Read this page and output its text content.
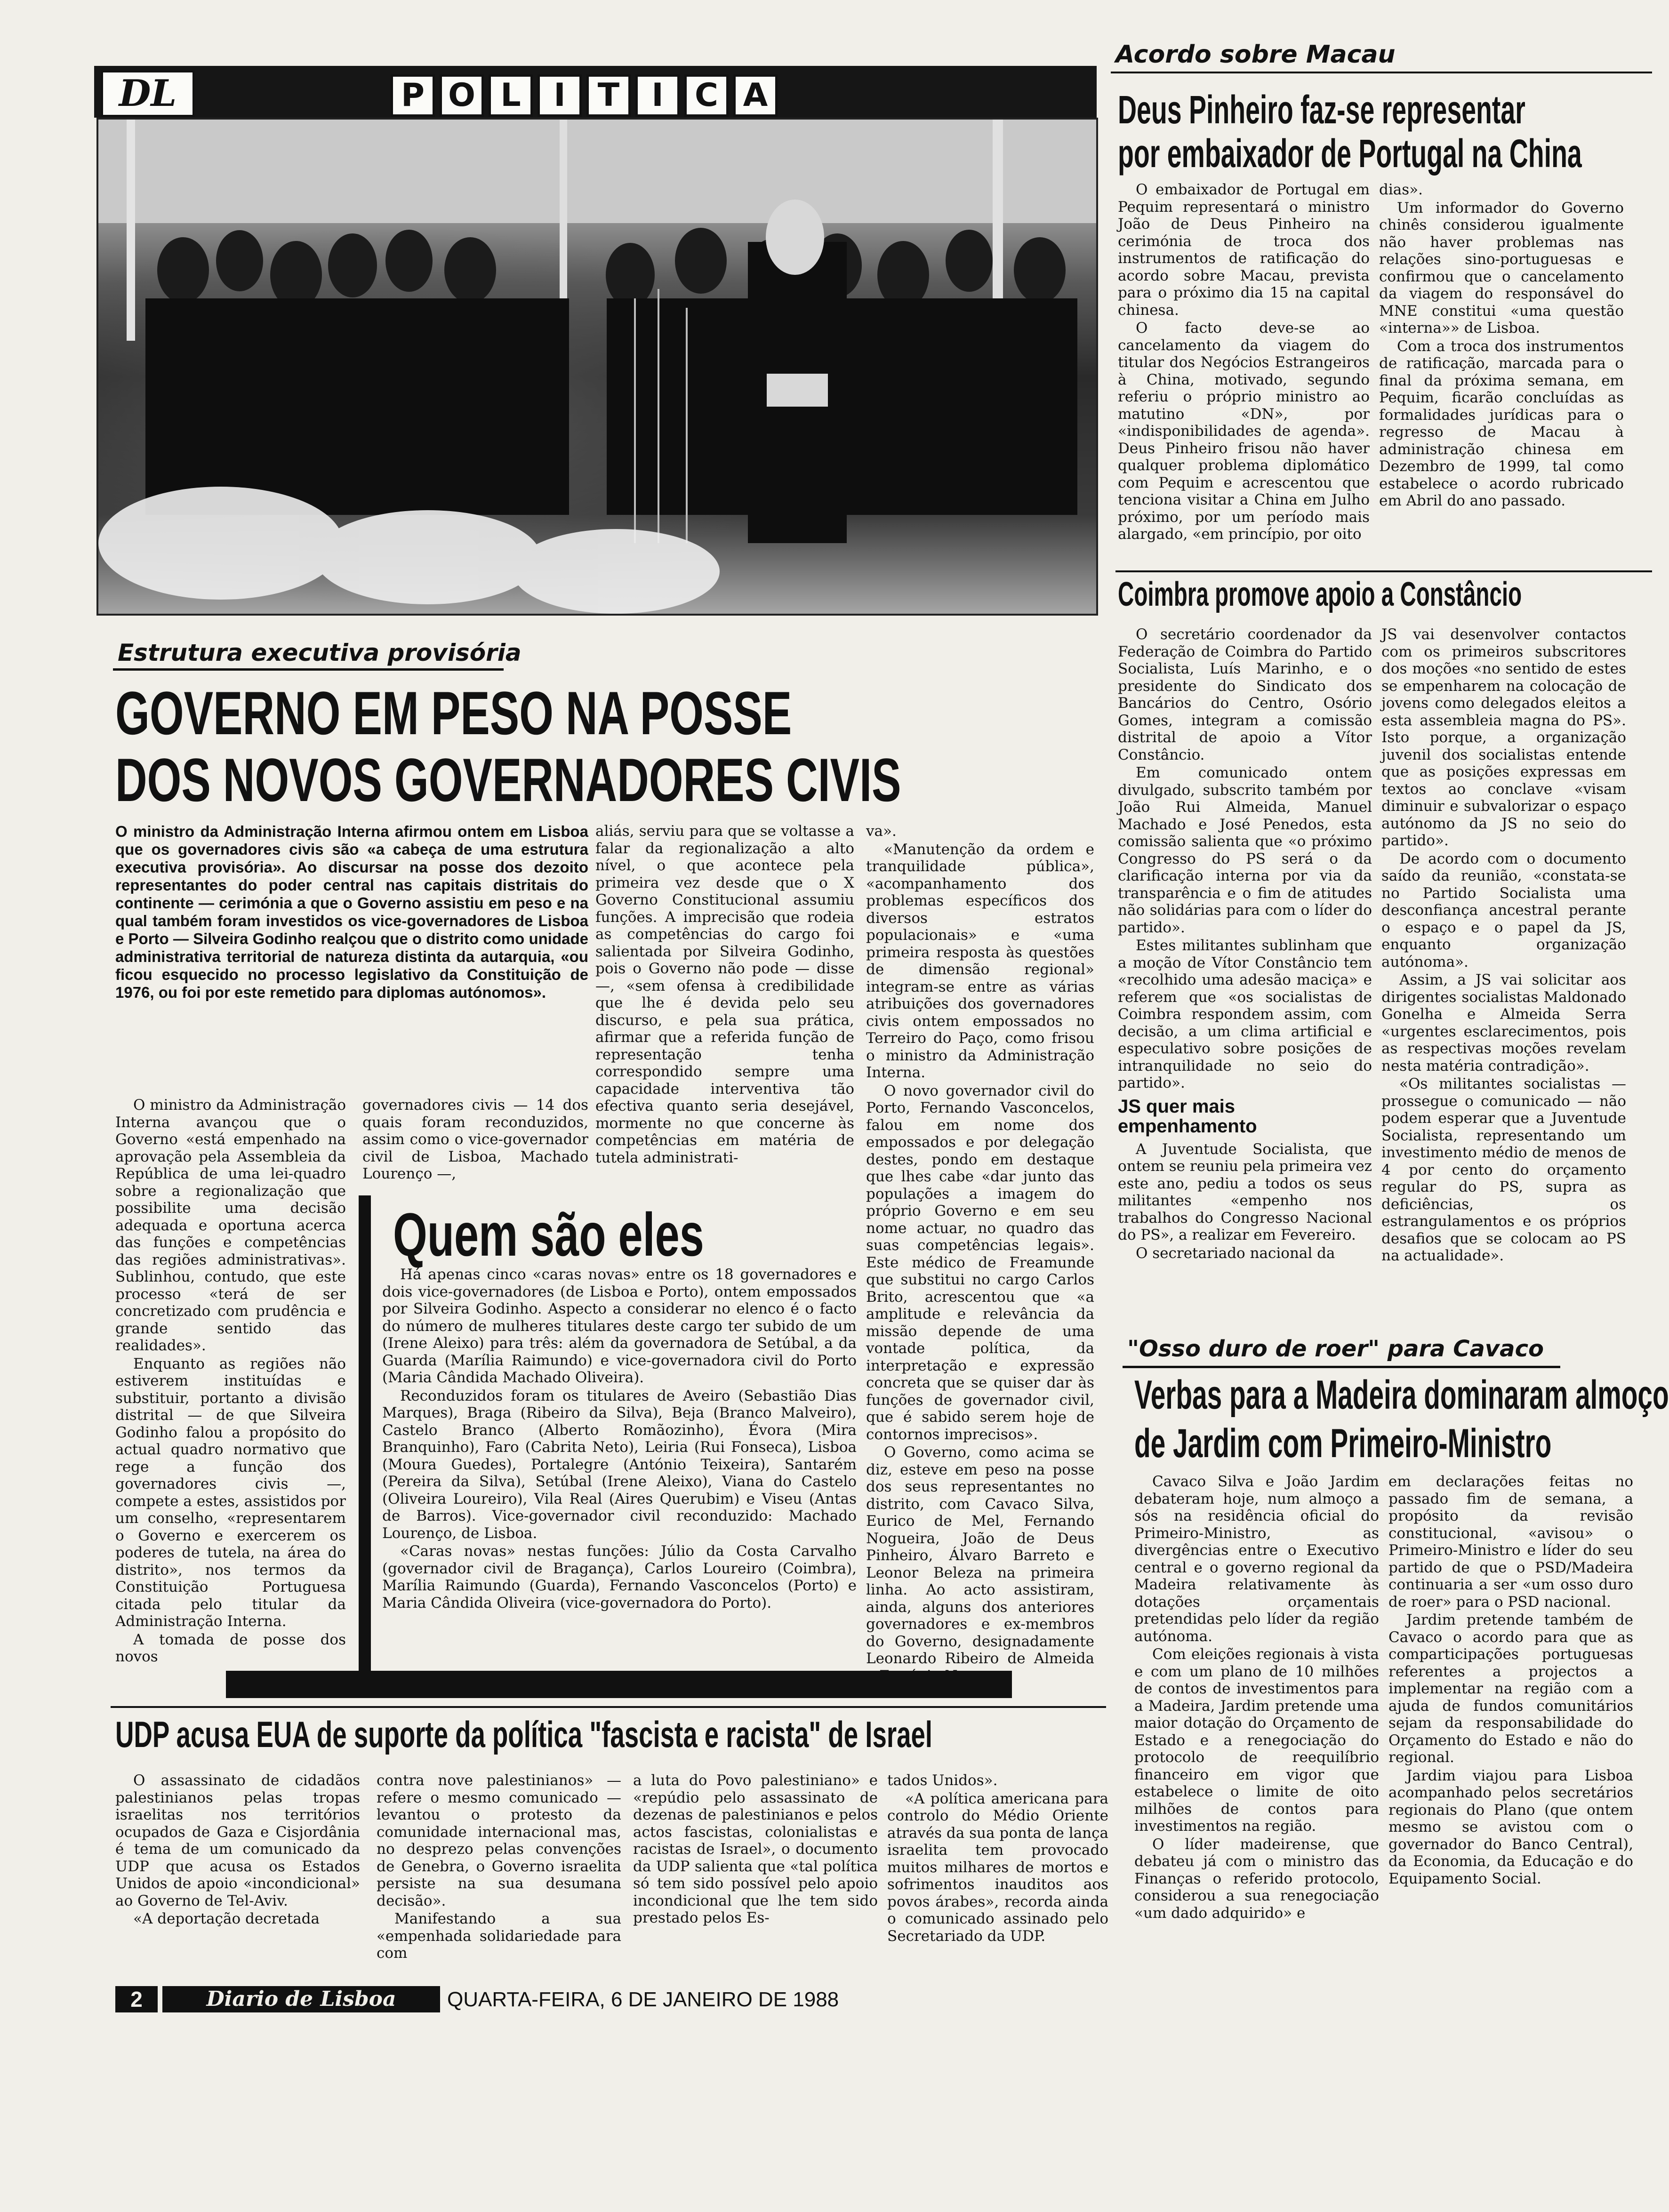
DL	P O L	I	T	I C A
Estrutura executiva provisória
GOVERNO EM PESO NA POSSE
DOS NOVOS GOVERNADORES CIVIS

O ministro da Administração Interna afirmou ontem em Lisboa que os governadores civis são «a cabeça de uma estrutura executiva provisória». Ao discursar na posse dos dezoito representantes do poder central nas capitais distritais do continente — cerimónia a que o Governo assistiu em peso e na qual também foram investidos os vice-governadores de Lisboa e Porto — Silveira Godinho realçou que o distrito como unidade administrativa territorial de natureza distinta da autarquia, «ou ficou esquecido no processo legislativo da Constituição de 1976, ou foi por este remetido para diplomas autónomos».

O ministro da Administração Interna avançou que o Governo «está empenhado na aprovação pela Assembleia da República de uma lei-quadro sobre a regionalização que possibilite uma decisão adequada e oportuna acerca das funções e competências das regiões administrativas». Sublinhou, contudo, que este processo «terá de ser concretizado com prudência e grande sentido das realidades».

Enquanto as regiões não estiverem instituídas e substituir, portanto a divisão distrital — de que Silveira Godinho falou a propósito do actual quadro normativo que rege a função dos governadores civis —, compete a estes, assistidos por um conselho, «representarem o Governo e exercerem os poderes de tutela, na área do distrito», nos termos da Constituição Portuguesa citada pelo titular da Administração Interna.

A tomada de posse dos novos

governadores civis — 14 dos quais foram reconduzidos, assim como o vice-governador civil de Lisboa, Machado Lourenço —,

aliás, serviu para que se voltasse a falar da regionalização a alto nível, o que acontece pela primeira vez desde que o X Governo Constitucional assumiu funções. A imprecisão que rodeia as competências do cargo foi salientada por Silveira Godinho, pois o Governo não pode — disse —, «sem ofensa à credibilidade que lhe é devida pelo seu discurso, e pela sua prática, afirmar que a referida função de representação tenha correspondido sempre uma capacidade interventiva tão efectiva quanto seria desejável, mormente no que concerne às competências em matéria de tutela administrati-

va».

«Manutenção da ordem e tranquilidade pública», «acompanhamento dos problemas específicos dos diversos estratos populacionais» e «uma primeira resposta às questões de dimensão regional» integram-se entre as várias atribuições dos governadores civis ontem empossados no Terreiro do Paço, como frisou o ministro da Administração Interna.

O novo governador civil do Porto, Fernando Vasconcelos, falou em nome dos empossados e por delegação destes, pondo em destaque que lhes cabe «dar junto das populações a imagem do próprio Governo e em seu nome actuar, no quadro das suas competências legais». Este médico de Freamunde que substitui no cargo Carlos Brito, acrescentou que «a amplitude e relevância da missão depende de uma vontade política, da interpretação e expressão concreta que se quiser dar às funções de governador civil, que é sabido serem hoje de contornos imprecisos».

O Governo, como acima se diz, esteve em peso na posse dos seus representantes no distrito, com Cavaco Silva, Eurico de Mel, Fernando Nogueira, João de Deus Pinheiro, Álvaro Barreto e Leonor Beleza na primeira linha. Ao acto assistiram, ainda, alguns dos anteriores governadores e ex-membros do Governo, designadamente Leonardo Ribeiro de Almeida

Quem são eles

Há apenas cinco «caras novas» entre os 18 governadores e dois vice-governadores (de Lisboa e Porto), ontem empossados por Silveira Godinho. Aspecto a considerar no elenco é o facto do número de mulheres titulares deste cargo ter subido de um (Irene Aleixo) para três: além da governadora de Setúbal, a da Guarda (Marília Raimundo) e vice-governadora civil do Porto (Maria Cândida Machado Oliveira).

Reconduzidos foram os titulares de Aveiro (Sebastião Dias Marques), Braga (Ribeiro da Silva), Beja (Branco Malveiro), Castelo Branco (Alberto Romãozinho), Évora (Mira Branquinho), Faro (Cabrita Neto), Leiria (Rui Fonseca), Lisboa (Moura Guedes), Portalegre (António Teixeira), Santarém (Pereira da Silva), Setúbal (Irene Aleixo), Viana do Castelo (Oliveira Loureiro), Vila Real (Aires Querubim) e Viseu (Antas de Barros). Vice-governador civil reconduzido: Machado Lourenço, de Lisboa.

«Caras novas» nestas funções: Júlio da Costa Carvalho (governador civil de Bragança), Carlos Loureiro (Coimbra), Marília Raimundo (Guarda), Fernando Vasconcelos (Porto) e Maria Cândida Oliveira (vice-governadora do Porto).

Acordo sobre Macau
Deus Pinheiro faz-se representar
por embaixador de Portugal na China

O embaixador de Portugal em Pequim representará o ministro João de Deus Pinheiro na cerimónia de troca dos instrumentos de ratificação do acordo sobre Macau, prevista para o próximo dia 15 na capital chinesa.

O facto deve-se ao cancelamento da viagem do titular dos Negócios Estrangeiros à China, motivado, segundo referiu o próprio ministro ao matutino «DN», por «indisponibilidades de agenda». Deus Pinheiro frisou não haver qualquer problema diplomático com Pequim e acrescentou que tenciona visitar a China em Julho próximo, por um período mais alargado, «em princípio, por oito

dias».

Um informador do Governo chinês considerou igualmente não haver problemas nas relações sino-portuguesas e confirmou que o cancelamento da viagem do responsável do MNE constitui «uma questão «interna»» de Lisboa.

Com a troca dos instrumentos de ratificação, marcada para o final da próxima semana, em Pequim, ficarão concluídas as formalidades jurídicas para o regresso de Macau à administração chinesa em Dezembro de 1999, tal como estabelece o acordo rubricado em Abril do ano passado.

Coimbra promove apoio a Constâncio

O secretário coordenador da Federação de Coimbra do Partido Socialista, Luís Marinho, e o presidente do Sindicato dos Bancários do Centro, Osório Gomes, integram a comissão distrital de apoio a Vítor Constâncio.

Em comunicado ontem divulgado, subscrito também por João Rui Almeida, Manuel Machado e José Penedos, esta comissão salienta que «o próximo Congresso do PS será o da clarificação interna por via da transparência e o fim de atitudes não solidárias para com o líder do partido».

Estes militantes sublinham que a moção de Vítor Constâncio tem «recolhido uma adesão maciça» e referem que «os socialistas de Coimbra respondem assim, com decisão, a um clima artificial e especulativo sobre posições de intranquilidade no seio do partido».

JS quer mais empenhamento

A Juventude Socialista, que ontem se reuniu pela primeira vez este ano, pediu a todos os seus militantes «empenho nos trabalhos do Congresso Nacional do PS», a realizar em Fevereiro.

O secretariado nacional da

JS vai desenvolver contactos com os primeiros subscritores dos moções «no sentido de estes se empenharem na colocação de jovens como delegados eleitos a esta assembleia magna do PS». Isto porque, a organização juvenil dos socialistas entende que as posições expressas em textos ao conclave «visam diminuir e subvalorizar o espaço autónomo da JS no seio do partido».

De acordo com o documento saído da reunião, «constata-se no Partido Socialista uma desconfiança ancestral perante o espaço e o papel da JS, enquanto organização autónoma».

Assim, a JS vai solicitar aos dirigentes socialistas Maldonado Gonelha e Almeida Serra «urgentes esclarecimentos, pois as respectivas moções revelam nesta matéria contradição».

«Os militantes socialistas — prossegue o comunicado — não podem esperar que a Juventude Socialista, representando um investimento médio de menos de 4 por cento do orçamento regular do PS, supra as deficiências, os estrangulamentos e os próprios desafios que se colocam ao PS na actualidade».

"Osso duro de roer" para Cavaco
Verbas para a Madeira dominaram almoço
de Jardim com Primeiro-Ministro

Cavaco Silva e João Jardim debateram hoje, num almoço a sós na residência oficial do Primeiro-Ministro, as divergências entre o Executivo central e o governo regional da Madeira relativamente às dotações orçamentais pretendidas pelo líder da região autónoma.

Com eleições regionais à vista e com um plano de 10 milhões de contos de investimentos para a Madeira, Jardim pretende uma maior dotação do Orçamento de Estado e a renegociação do protocolo de reequilíbrio financeiro em vigor que estabelece o limite de oito milhões de contos para investimentos na região.

O líder madeirense, que debateu já com o ministro das Finanças o referido protocolo, considerou a sua renegociação «um dado adquirido» e

em declarações feitas no passado fim de semana, a propósito da revisão constitucional, «avisou» o Primeiro-Ministro e líder do seu partido de que o PSD/Madeira continuaria a ser «um osso duro de roer» para o PSD nacional.

Jardim pretende também de Cavaco o acordo para que as comparticipações portuguesas referentes a projectos a implementar na região com a ajuda de fundos comunitários sejam da responsabilidade do Orçamento do Estado e não do regional.

Jardim viajou para Lisboa acompanhado pelos secretários regionais do Plano (que ontem mesmo se avistou com o governador do Banco Central), da Economia, da Educação e do Equipamento Social.

UDP acusa EUA de suporte da política "fascista e racista" de Israel

O assassinato de cidadãos palestinianos pelas tropas israelitas nos territórios ocupados de Gaza e Cisjordânia é tema de um comunicado da UDP que acusa os Estados Unidos de apoio «incondicional» ao Governo de Tel-Aviv.

«A deportação decretada

contra nove palestinianos» — refere o mesmo comunicado — levantou o protesto da comunidade internacional mas, no desprezo pelas convenções de Genebra, o Governo israelita persiste na sua desumana decisão».

Manifestando a sua «empenhada solidariedade para com

a luta do Povo palestiniano» e «repúdio pelo assassinato de dezenas de palestinianos e pelos actos fascistas, colonialistas e racistas de Israel», o documento da UDP salienta que «tal política só tem sido possível pelo apoio incondicional que lhe tem sido prestado pelos Es-

tados Unidos».

«A política americana para controlo do Médio Oriente através da sua ponta de lança israelita tem provocado muitos milhares de mortos e sofrimentos inauditos aos povos árabes», recorda ainda o comunicado assinado pelo Secretariado da UDP.

2	Diario de Lisboa	QUARTA-FEIRA, 6 DE JANEIRO DE 1988
